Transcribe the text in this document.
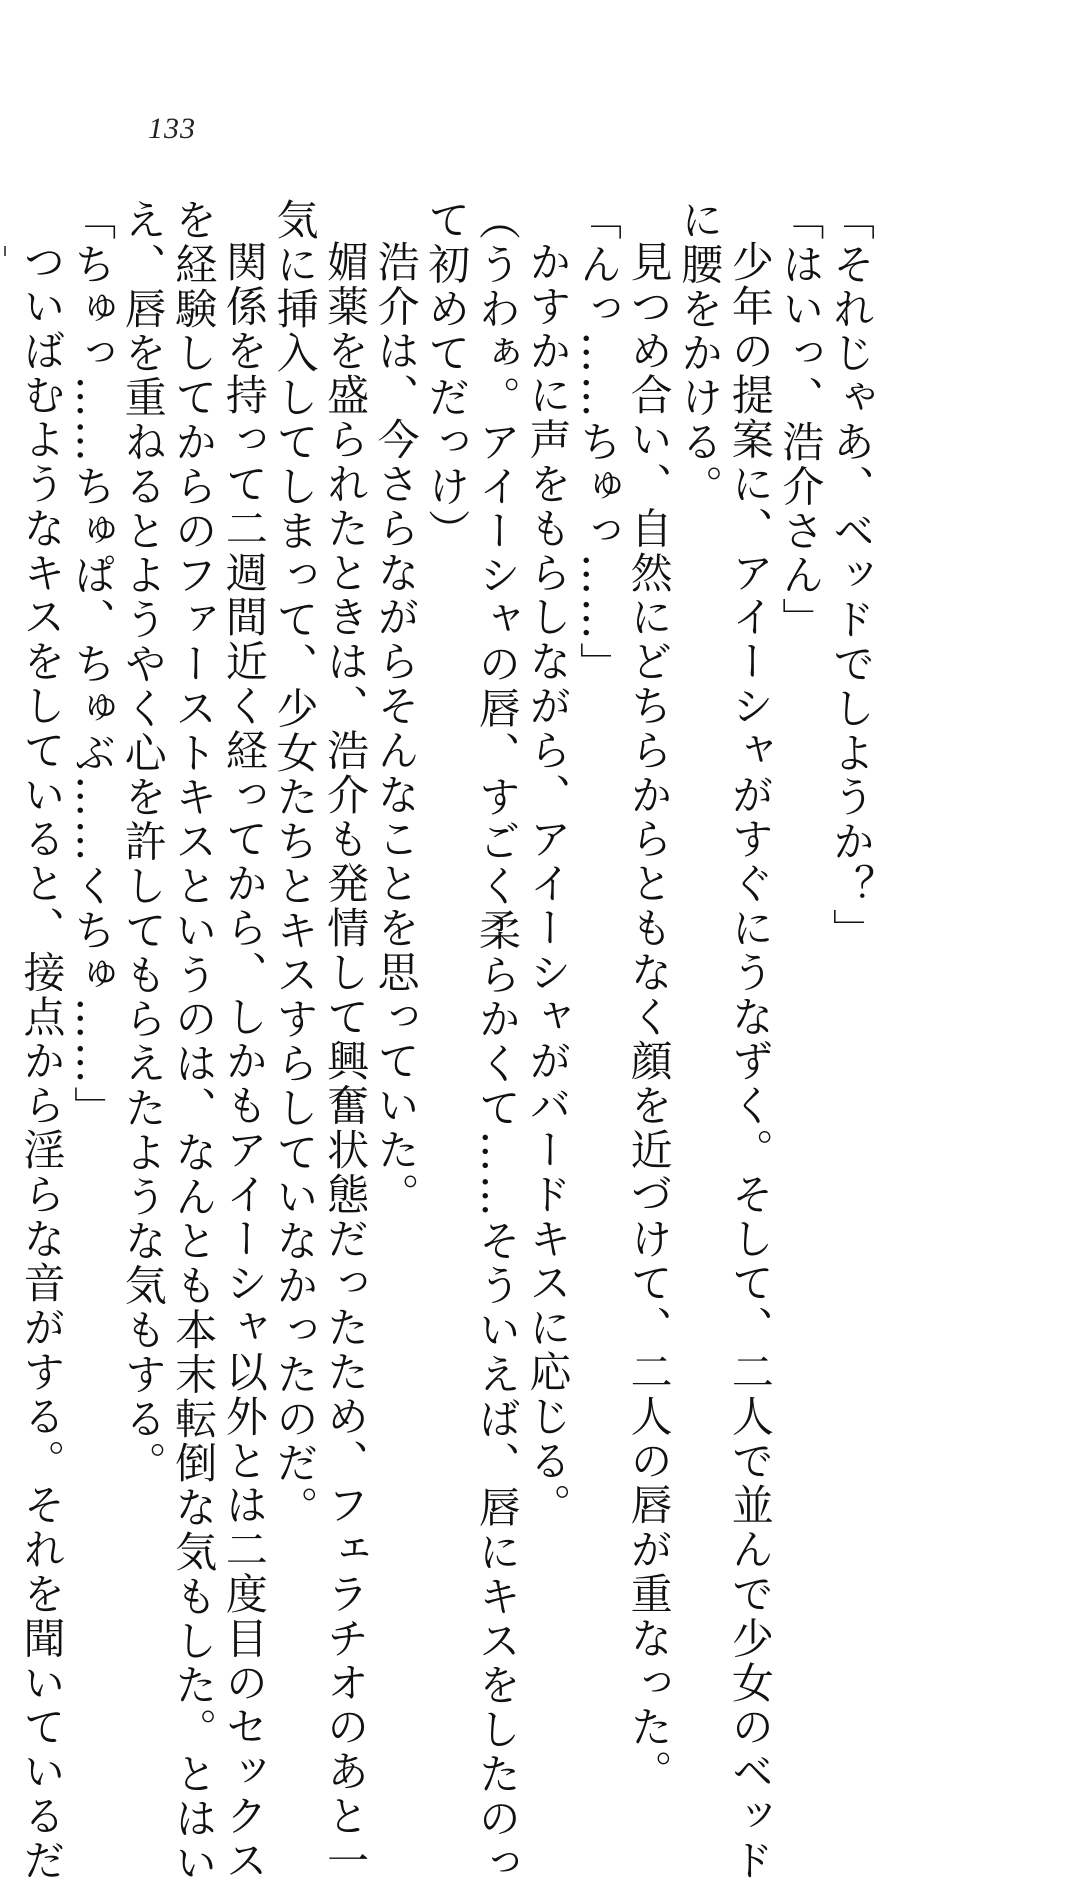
133

「それじゃあ、ベッドでしようか？」

「はいっ、浩介さん」

少年の提案に、アイーシャがすぐにうなずく。そして、二人で並んで少女のベッド

に腰をかける。

見つめ合い、自然にどちらからともなく顔を近づけて、二人の唇が重なった。

「んっ……ちゅっ……」

かすかに声をもらしながら、アイーシャがバードキスに応じる。

（うわぁ。アイーシャの唇、すごく柔らかくて……そういえば、唇にキスをしたのっ

て初めてだっけ）

浩介は、今さらながらそんなことを思っていた。

媚薬を盛られたときは、浩介も発情して興奮状態だったため、フェラチオのあと一

気に挿入してしまって、少女たちとキスすらしていなかったのだ。

関係を持って二週間近く経ってから、しかもアイーシャ以外とは二度目のセックス

を経験してからのファーストキスというのは、なんとも本末転倒な気もした。とはい

え、唇を重ねるとようやく心を許してもらえたような気もする。

「ちゅっ……ちゅぱ、ちゅぶ……くちゅ……」

ついばむようなキスをしていると、接点から淫らな音がする。それを聞いているだ
